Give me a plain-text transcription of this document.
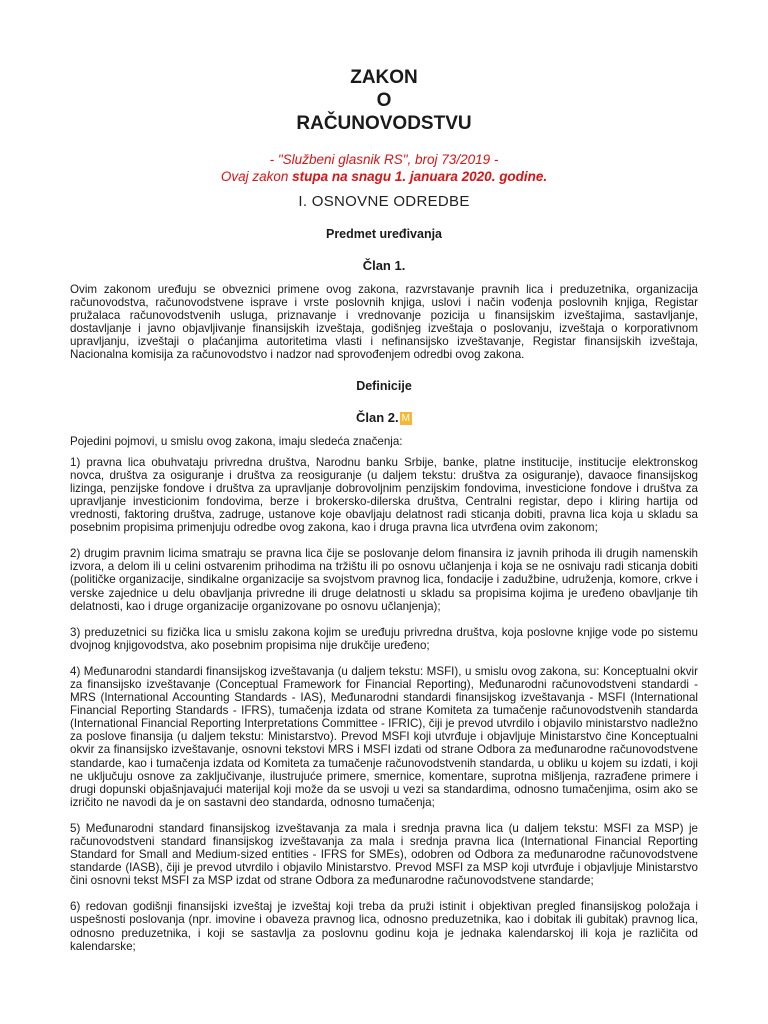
ZAKON
O
RAČUNOVODSTVU
- "Službeni glasnik RS", broj 73/2019 -
Ovaj zakon stupa na snagu 1. januara 2020. godine.
I. OSNOVNE ODREDBE
Predmet uređivanja
Član 1.

Ovim zakonom uređuju se obveznici primene ovog zakona, razvrstavanje pravnih lica i preduzetnika, organizacija računovodstva, računovodstvene isprave i vrste poslovnih knjiga, uslovi i način vođenja poslovnih knjiga, Registar pružalaca računovodstvenih usluga, priznavanje i vrednovanje pozicija u finansijskim izveštajima, sastavljanje, dostavljanje i javno objavljivanje finansijskih izveštaja, godišnjeg izveštaja o poslovanju, izveštaja o korporativnom upravljanju, izveštaji o plaćanjima autoritetima vlasti i nefinansijsko izveštavanje, Registar finansijskih izveštaja, Nacionalna komisija za računovodstvo i nadzor nad sprovođenjem odredbi ovog zakona.

Definicije
Član 2. M

Pojedini pojmovi, u smislu ovog zakona, imaju sledeća značenja:

1) pravna lica obuhvataju privredna društva, Narodnu banku Srbije, banke, platne institucije, institucije elektronskog novca, društva za osiguranje i društva za reosiguranje (u daljem tekstu: društva za osiguranje), davaoce finansijskog lizinga, penzijske fondove i društva za upravljanje dobrovoljnim penzijskim fondovima, investicione fondove i društva za upravljanje investicionim fondovima, berze i brokersko-dilerska društva, Centralni registar, depo i kliring hartija od vrednosti, faktoring društva, zadruge, ustanove koje obavljaju delatnost radi sticanja dobiti, pravna lica koja u skladu sa posebnim propisima primenjuju odredbe ovog zakona, kao i druga pravna lica utvrđena ovim zakonom;

2) drugim pravnim licima smatraju se pravna lica čije se poslovanje delom finansira iz javnih prihoda ili drugih namenskih izvora, a delom ili u celini ostvarenim prihodima na tržištu ili po osnovu učlanjenja i koja se ne osnivaju radi sticanja dobiti (političke organizacije, sindikalne organizacije sa svojstvom pravnog lica, fondacije i zadužbine, udruženja, komore, crkve i verske zajednice u delu obavljanja privredne ili druge delatnosti u skladu sa propisima kojima je uređeno obavljanje tih delatnosti, kao i druge organizacije organizovane po osnovu učlanjenja);

3) preduzetnici su fizička lica u smislu zakona kojim se uređuju privredna društva, koja poslovne knjige vode po sistemu dvojnog knjigovodstva, ako posebnim propisima nije drukčije uređeno;

4) Međunarodni standardi finansijskog izveštavanja (u daljem tekstu: MSFI), u smislu ovog zakona, su: Konceptualni okvir za finansijsko izveštavanje (Conceptual Framework for Financial Reporting), Međunarodni računovodstveni standardi - MRS (International Accounting Standards - IAS), Međunarodni standardi finansijskog izveštavanja - MSFI (International Financial Reporting Standards - IFRS), tumačenja izdata od strane Komiteta za tumačenje računovodstvenih standarda (International Financial Reporting Interpretations Committee - IFRIC), čiji je prevod utvrdilo i objavilo ministarstvo nadležno za poslove finansija (u daljem tekstu: Ministarstvo). Prevod MSFI koji utvrđuje i objavljuje Ministarstvo čine Konceptualni okvir za finansijsko izveštavanje, osnovni tekstovi MRS i MSFI izdati od strane Odbora za međunarodne računovodstvene standarde, kao i tumačenja izdata od Komiteta za tumačenje računovodstvenih standarda, u obliku u kojem su izdati, i koji ne uključuju osnove za zaključivanje, ilustrujuće primere, smernice, komentare, suprotna mišljenja, razrađene primere i drugi dopunski objašnjavajući materijal koji može da se usvoji u vezi sa standardima, odnosno tumačenjima, osim ako se izričito ne navodi da je on sastavni deo standarda, odnosno tumačenja;

5) Međunarodni standard finansijskog izveštavanja za mala i srednja pravna lica (u daljem tekstu: MSFI za MSP) je računovodstveni standard finansijskog izveštavanja za mala i srednja pravna lica (International Financial Reporting Standard for Small and Medium-sized entities - IFRS for SMEs), odobren od Odbora za međunarodne računovodstvene standarde (IASB), čiji je prevod utvrdilo i objavilo Ministarstvo. Prevod MSFI za MSP koji utvrđuje i objavljuje Ministarstvo čini osnovni tekst MSFI za MSP izdat od strane Odbora za međunarodne računovodstvene standarde;

6) redovan godišnji finansijski izveštaj je izveštaj koji treba da pruži istinit i objektivan pregled finansijskog položaja i uspešnosti poslovanja (npr. imovine i obaveza pravnog lica, odnosno preduzetnika, kao i dobitak ili gubitak) pravnog lica, odnosno preduzetnika, i koji se sastavlja za poslovnu godinu koja je jednaka kalendarskoj ili koja je različita od kalendarske;
